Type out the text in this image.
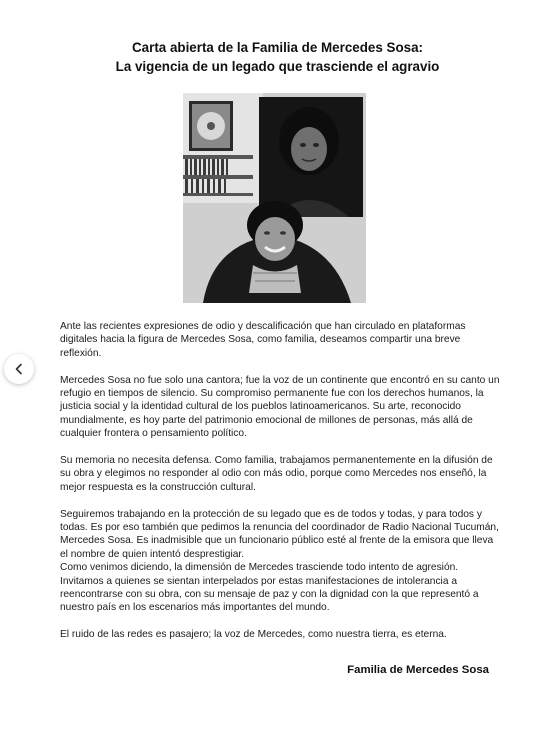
Carta abierta de la Familia de Mercedes Sosa:
La vigencia de un legado que trasciende el agravio

Ante las recientes expresiones de odio y descalificación que han circulado en plataformas digitales hacia la figura de Mercedes Sosa, como familia, deseamos compartir una breve reflexión.

Mercedes Sosa no fue solo una cantora; fue la voz de un continente que encontró en su canto un refugio en tiempos de silencio. Su compromiso permanente fue con los derechos humanos, la justicia social y la identidad cultural de los pueblos latinoamericanos. Su arte, reconocido mundialmente, es hoy parte del patrimonio emocional de millones de personas, más allá de cualquier frontera o pensamiento político.

Su memoria no necesita defensa. Como familia, trabajamos permanentemente en la difusión de su obra y elegimos no responder al odio con más odio, porque como Mercedes nos enseñó, la mejor respuesta es la construcción cultural.

Seguiremos trabajando en la protección de su legado que es de todos y todas, y para todos y todas. Es por eso también que pedimos la renuncia del coordinador de Radio Nacional Tucumán, Mercedes Sosa. Es inadmisible que un funcionario público esté al frente de la emisora que lleva el nombre de quien intentó desprestigiar.

Como venimos diciendo, la dimensión de Mercedes trasciende todo intento de agresión. Invitamos a quienes se sientan interpelados por estas manifestaciones de intolerancia a reencontrarse con su obra, con su mensaje de paz y con la dignidad con la que representó a nuestro país en los escenarios más importantes del mundo.

El ruido de las redes es pasajero; la voz de Mercedes, como nuestra tierra, es eterna.

Familia de Mercedes Sosa
